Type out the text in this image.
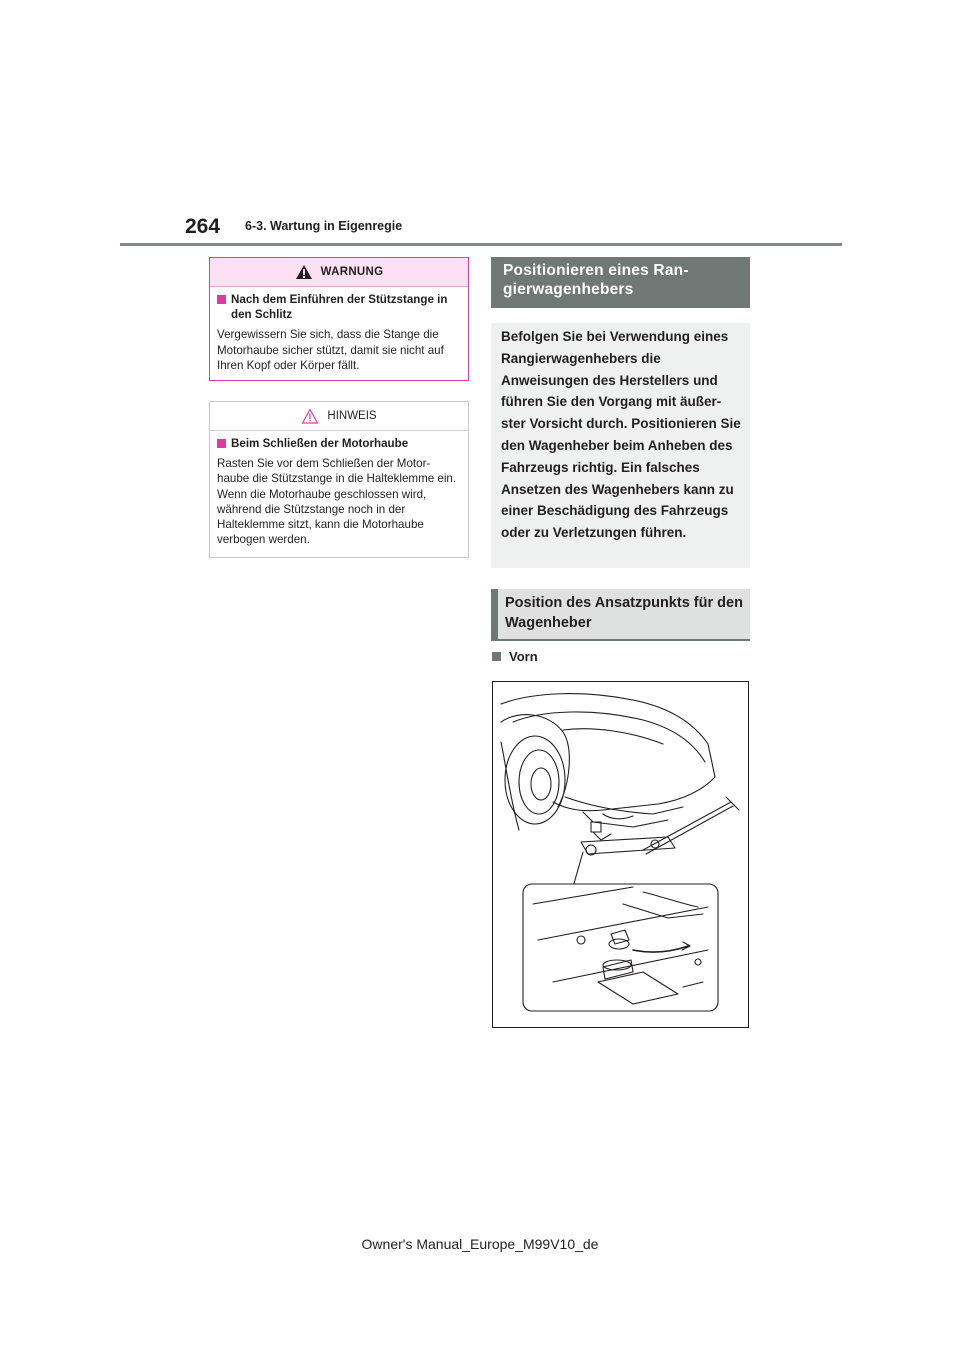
264 6-3. Wartung in Eigenregie
WARNUNG
Nach dem Einführen der Stützstange in den Schlitz
Vergewissern Sie sich, dass die Stange die Motorhaube sicher stützt, damit sie nicht auf Ihren Kopf oder Körper fällt.
HINWEIS
Beim Schließen der Motorhaube
Rasten Sie vor dem Schließen der Motor-haube die Stützstange in die Halteklemme ein. Wenn die Motorhaube geschlossen wird, während die Stützstange noch in der Halteklemme sitzt, kann die Motorhaube verbogen werden.
Positionieren eines Ran-gierwagenhebers
Befolgen Sie bei Verwendung eines Rangierwagenhebers die Anweisungen des Herstellers und führen Sie den Vorgang mit äußer-ster Vorsicht durch. Positionieren Sie den Wagenheber beim Anheben des Fahrzeugs richtig. Ein falsches Ansetzen des Wagenhebers kann zu einer Beschädigung des Fahrzeugs oder zu Verletzungen führen.
Position des Ansatzpunkts für den Wagenheber
Vorn
Owner's Manual_Europe_M99V10_de
